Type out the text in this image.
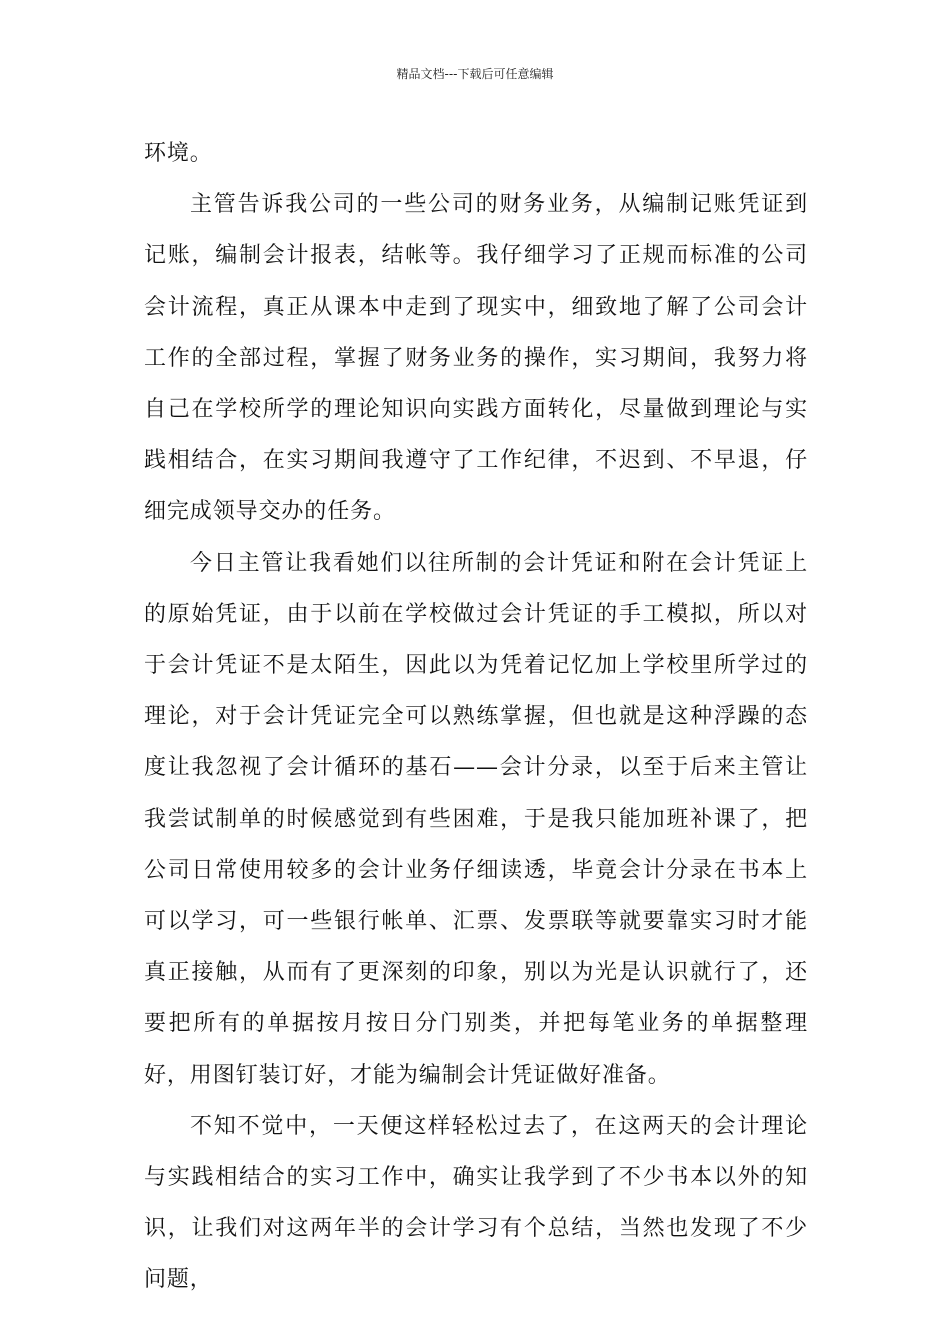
精品文档---下载后可任意编辑

环境。

主管告诉我公司的一些公司的财务业务，从编制记账凭证到记账，编制会计报表，结帐等。我仔细学习了正规而标准的公司会计流程，真正从课本中走到了现实中，细致地了解了公司会计工作的全部过程，掌握了财务业务的操作，实习期间，我努力将自己在学校所学的理论知识向实践方面转化，尽量做到理论与实践相结合，在实习期间我遵守了工作纪律，不迟到、不早退，仔细完成领导交办的任务。

今日主管让我看她们以往所制的会计凭证和附在会计凭证上的原始凭证，由于以前在学校做过会计凭证的手工模拟，所以对于会计凭证不是太陌生，因此以为凭着记忆加上学校里所学过的理论，对于会计凭证完全可以熟练掌握，但也就是这种浮躁的态度让我忽视了会计循环的基石——会计分录，以至于后来主管让我尝试制单的时候感觉到有些困难，于是我只能加班补课了，把公司日常使用较多的会计业务仔细读透，毕竟会计分录在书本上可以学习，可一些银行帐单、汇票、发票联等就要靠实习时才能真正接触，从而有了更深刻的印象，别以为光是认识就行了，还要把所有的单据按月按日分门别类，并把每笔业务的单据整理好，用图钉装订好，才能为编制会计凭证做好准备。

不知不觉中，一天便这样轻松过去了，在这两天的会计理论与实践相结合的实习工作中，确实让我学到了不少书本以外的知识，让我们对这两年半的会计学习有个总结，当然也发现了不少问题，
